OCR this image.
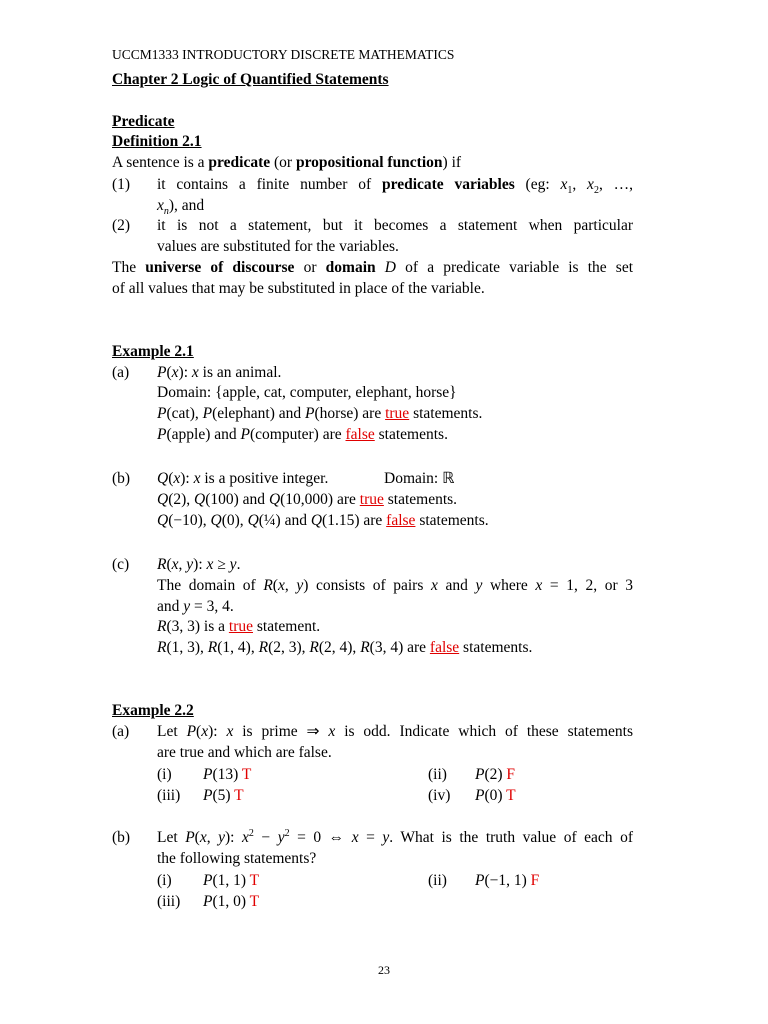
UCCM1333 INTRODUCTORY DISCRETE MATHEMATICS
Chapter 2 Logic of Quantified Statements
Predicate
Definition 2.1
A sentence is a predicate (or propositional function) if
(1) it contains a finite number of predicate variables (eg: $x_1$, $x_2$, …,
$x_n$), and
(2) it is not a statement, but it becomes a statement when particular
values are substituted for the variables.
The universe of discourse or domain D of a predicate variable is the set
of all values that may be substituted in place of the variable.
Example 2.1
(a) P(x): x is an animal.
Domain: {apple, cat, computer, elephant, horse}
P(cat), P(elephant) and P(horse) are true statements.
P(apple) and P(computer) are false statements.
(b) Q(x): x is a positive integer.	Domain: ℝ
Q(2), Q(100) and Q(10,000) are true statements.
Q(−10), Q(0), Q(¼) and Q(1.15) are false statements.
(c) R(x, y): x ≥ y.
The domain of R(x, y) consists of pairs x and y where x = 1, 2, or 3
and y = 3, 4.
R(3, 3) is a true statement.
R(1, 3), R(1, 4), R(2, 3), R(2, 4), R(3, 4) are false statements.
Example 2.2
(a) Let P(x): x is prime ⇒ x is odd. Indicate which of these statements
are true and which are false.
(i) P(13) T	(ii) P(2) F
(iii) P(5) T	(iv) P(0) T
(b) Let P(x, y): $x^2 - y^2 = 0$ ⇔ x = y. What is the truth value of each of
the following statements?
(i) P(1, 1) T	(ii) P(−1, 1) F
(iii) P(1, 0) T
23
